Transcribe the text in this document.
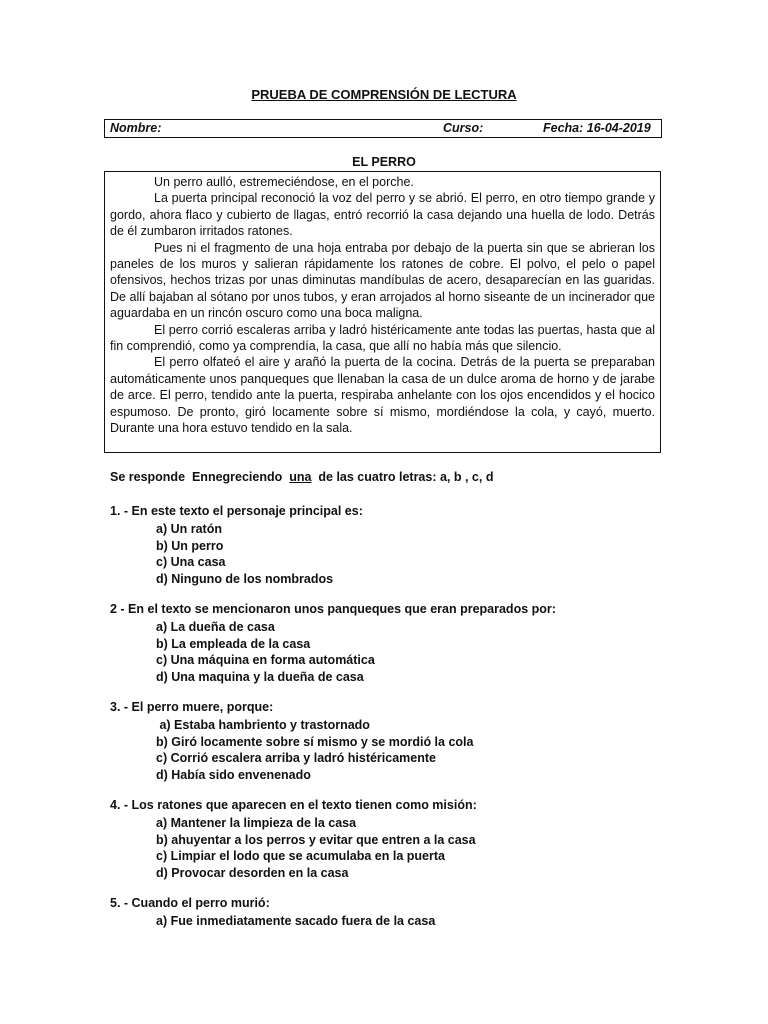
PRUEBA DE COMPRENSIÓN DE LECTURA
Nombre:	Curso:	Fecha: 16-04-2019
EL PERRO

Un perro aulló, estremeciéndose, en el porche.

La puerta principal reconoció la voz del perro y se abrió. El perro, en otro tiempo grande y gordo, ahora flaco y cubierto de llagas, entró recorrió la casa dejando una huella de lodo. Detrás de él zumbaron irritados ratones.

Pues ni el fragmento de una hoja entraba por debajo de la puerta sin que se abrieran los paneles de los muros y salieran rápidamente los ratones de cobre. El polvo, el pelo o papel ofensivos, hechos trizas por unas diminutas mandíbulas de acero, desaparecían en las guaridas. De allí bajaban al sótano por unos tubos, y eran arrojados al horno siseante de un incinerador que aguardaba en un rincón oscuro como una boca maligna.

El perro corrió escaleras arriba y ladró histéricamente ante todas las puertas, hasta que al fin comprendió, como ya comprendía, la casa, que allí no había más que silencio.

El perro olfateó el aire y arañó la puerta de la cocina. Detrás de la puerta se preparaban automáticamente unos panqueques que llenaban la casa de un dulce aroma de horno y de jarabe de arce. El perro, tendido ante la puerta, respiraba anhelante con los ojos encendidos y el hocico espumoso. De pronto, giró locamente sobre sí mismo, mordiéndose la cola, y cayó, muerto. Durante una hora estuvo tendido en la sala.

Se responde  Ennegreciendo  una  de las cuatro letras: a, b , c, d
1. - En este texto el personaje principal es:
a) Un ratón
b) Un perro
c) Una casa
d) Ninguno de los nombrados
2 - En el texto se mencionaron unos panqueques que eran preparados por:
a) La dueña de casa
b) La empleada de la casa
c) Una máquina en forma automática
d) Una maquina y la dueña de casa
3. - El perro muere, porque:
a) Estaba hambriento y trastornado
b) Giró locamente sobre sí mismo y se mordió la cola
c) Corrió escalera arriba y ladró histéricamente
d) Había sido envenenado
4. - Los ratones que aparecen en el texto tienen como misión:
a) Mantener la limpieza de la casa
b) ahuyentar a los perros y evitar que entren a la casa
c) Limpiar el lodo que se acumulaba en la puerta
d) Provocar desorden en la casa
5. - Cuando el perro murió:
a) Fue inmediatamente sacado fuera de la casa
